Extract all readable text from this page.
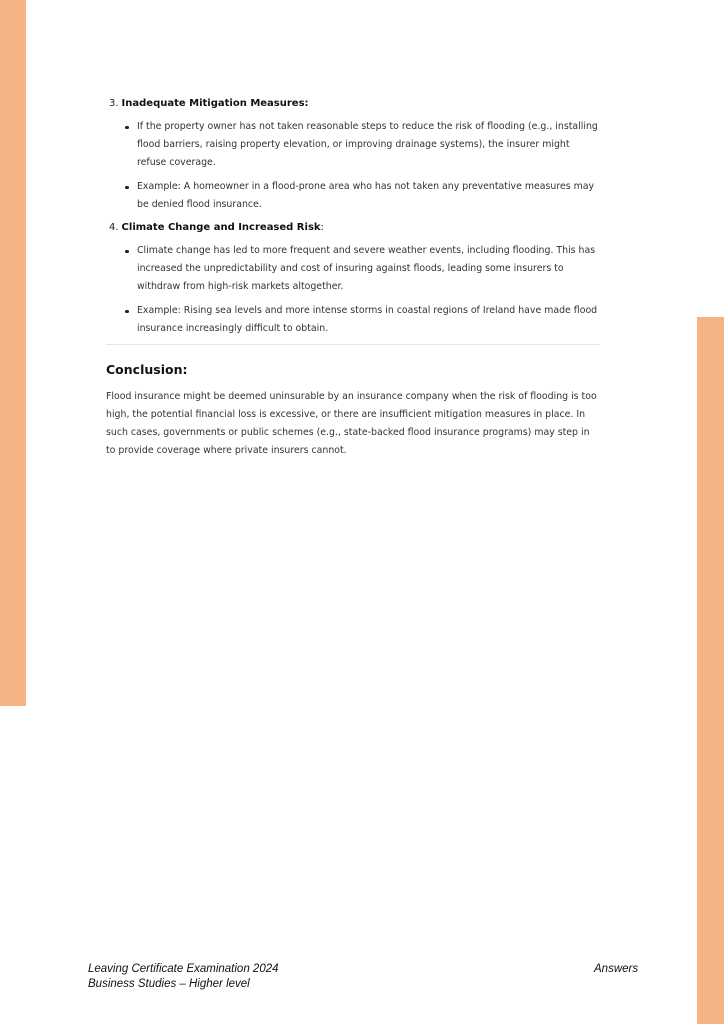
3. Inadequate Mitigation Measures:
If the property owner has not taken reasonable steps to reduce the risk of flooding (e.g., installing flood barriers, raising property elevation, or improving drainage systems), the insurer might refuse coverage.
Example: A homeowner in a flood-prone area who has not taken any preventative measures may be denied flood insurance.
4. Climate Change and Increased Risk:
Climate change has led to more frequent and severe weather events, including flooding. This has increased the unpredictability and cost of insuring against floods, leading some insurers to withdraw from high-risk markets altogether.
Example: Rising sea levels and more intense storms in coastal regions of Ireland have made flood insurance increasingly difficult to obtain.
Conclusion:

Flood insurance might be deemed uninsurable by an insurance company when the risk of flooding is too high, the potential financial loss is excessive, or there are insufficient mitigation measures in place. In such cases, governments or public schemes (e.g., state-backed flood insurance programs) may step in to provide coverage where private insurers cannot.

Leaving Certificate Examination 2024
Business Studies – Higher level
Answers
